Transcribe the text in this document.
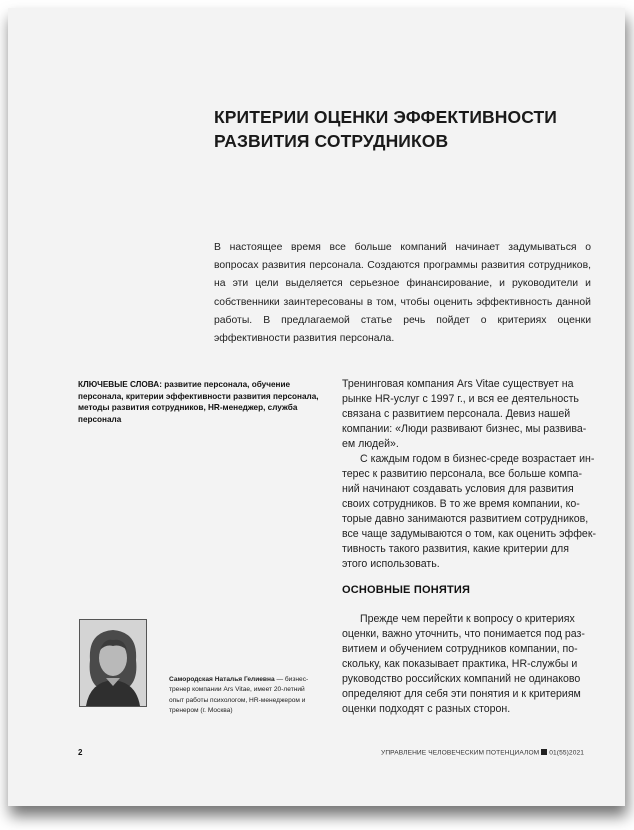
КРИТЕРИИ ОЦЕНКИ ЭФФЕКТИВНОСТИ
РАЗВИТИЯ СОТРУДНИКОВ
В настоящее время все больше компаний начинает задумываться о вопросах развития персонала. Создаются программы развития сотрудников, на эти цели выделяется серьезное финансирование, и руководители и собственники заинтересованы в том, чтобы оценить эффективность данной работы. В предлагаемой статье речь пойдет о критериях оценки эффективности развития персонала.
КЛЮЧЕВЫЕ СЛОВА: развитие персонала, обучение персонала, критерии эффективности развития персонала, методы развития сотрудников, HR-менеджер, служба персонала

Тренинговая компания Ars Vitae существует на
рынке HR-услуг с 1997 г., и вся ее деятельность
связана с развитием персонала. Девиз нашей
компании: «Люди развивают бизнес, мы развива-
ем людей».

С каждым годом в бизнес-среде возрастает ин-
терес к развитию персонала, все больше компа-
ний начинают создавать условия для развития
своих сотрудников. В то же время компании, ко-
торые давно занимаются развитием сотрудников,
все чаще задумываются о том, как оценить эффек-
тивность такого развития, какие критерии для
этого использовать.

ОСНОВНЫЕ ПОНЯТИЯ

Прежде чем перейти к вопросу о критериях
оценки, важно уточнить, что понимается под раз-
витием и обучением сотрудников компании, по-
скольку, как показывает практика, HR-службы и
руководство российских компаний не одинаково
определяют для себя эти понятия и к критериям
оценки подходят с разных сторон.

Самородская Наталья Гелиевна — бизнес-тренер компании Ars Vitae, имеет 20-летний опыт работы психологом, HR-менеджером и тренером (г. Москва)
2	УПРАВЛЕНИЕ ЧЕЛОВЕЧЕСКИМ ПОТЕНЦИАЛОМ 01(55)2021
